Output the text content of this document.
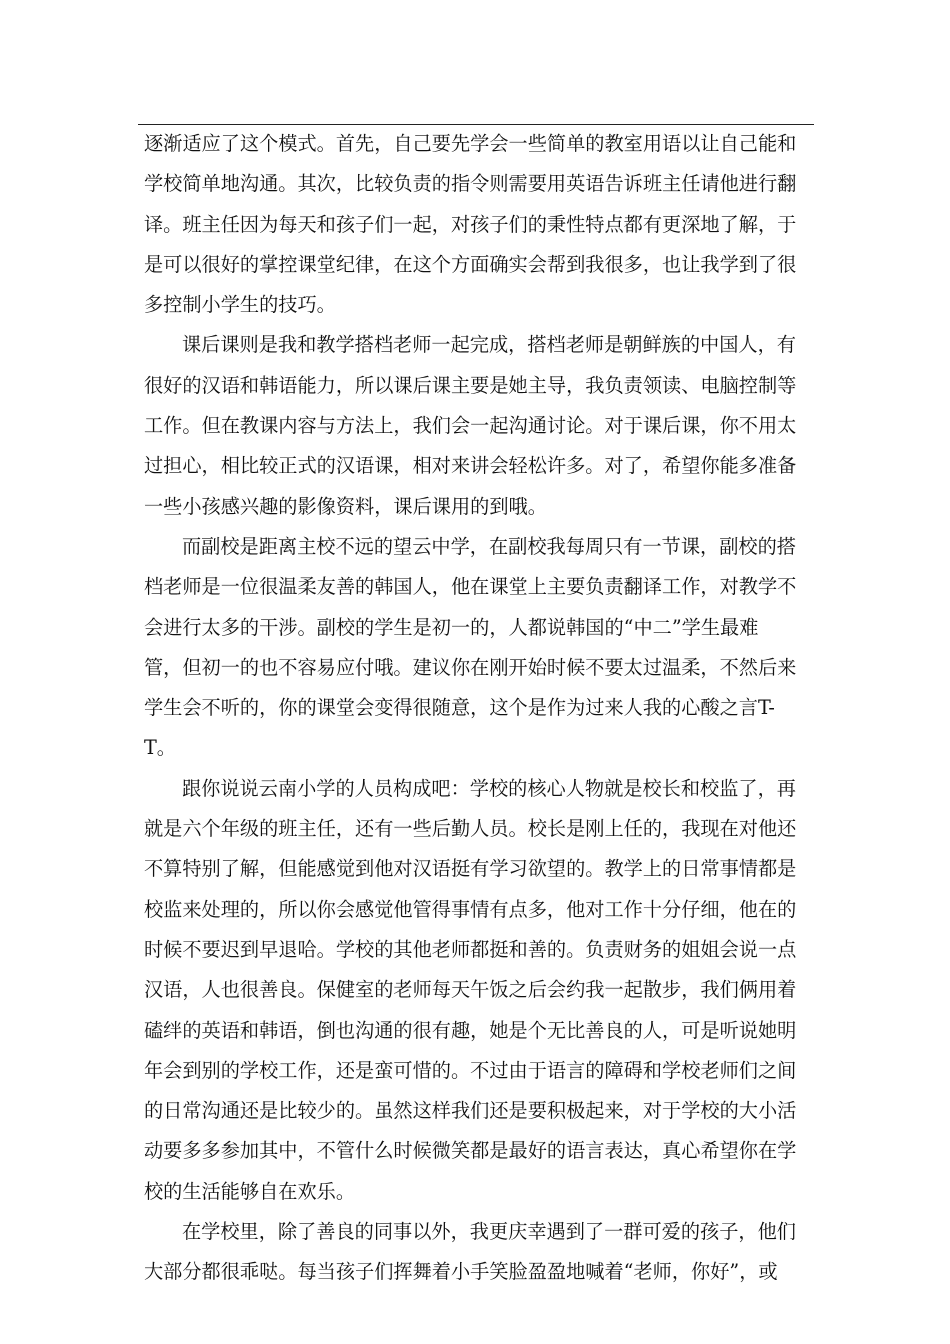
逐渐适应了这个模式。首先，自己要先学会一些简单的教室用语以让自己能和
学校简单地沟通。其次，比较负责的指令则需要用英语告诉班主任请他进行翻
译。班主任因为每天和孩子们一起，对孩子们的秉性特点都有更深地了解，于
是可以很好的掌控课堂纪律，在这个方面确实会帮到我很多，也让我学到了很
多控制小学生的技巧。
课后课则是我和教学搭档老师一起完成，搭档老师是朝鲜族的中国人，有
很好的汉语和韩语能力，所以课后课主要是她主导，我负责领读、电脑控制等
工作。但在教课内容与方法上，我们会一起沟通讨论。对于课后课，你不用太
过担心，相比较正式的汉语课，相对来讲会轻松许多。对了，希望你能多准备
一些小孩感兴趣的影像资料，课后课用的到哦。
而副校是距离主校不远的望云中学，在副校我每周只有一节课，副校的搭
档老师是一位很温柔友善的韩国人，他在课堂上主要负责翻译工作，对教学不
会进行太多的干涉。副校的学生是初一的，人都说韩国的“中二”学生最难
管，但初一的也不容易应付哦。建议你在刚开始时候不要太过温柔，不然后来
学生会不听的，你的课堂会变得很随意，这个是作为过来人我的心酸之言T-
T。
跟你说说云南小学的人员构成吧：学校的核心人物就是校长和校监了，再
就是六个年级的班主任，还有一些后勤人员。校长是刚上任的，我现在对他还
不算特别了解，但能感觉到他对汉语挺有学习欲望的。教学上的日常事情都是
校监来处理的，所以你会感觉他管得事情有点多，他对工作十分仔细，他在的
时候不要迟到早退哈。学校的其他老师都挺和善的。负责财务的姐姐会说一点
汉语，人也很善良。保健室的老师每天午饭之后会约我一起散步，我们俩用着
磕绊的英语和韩语，倒也沟通的很有趣，她是个无比善良的人，可是听说她明
年会到别的学校工作，还是蛮可惜的。不过由于语言的障碍和学校老师们之间
的日常沟通还是比较少的。虽然这样我们还是要积极起来，对于学校的大小活
动要多多参加其中，不管什么时候微笑都是最好的语言表达，真心希望你在学
校的生活能够自在欢乐。
在学校里，除了善良的同事以外，我更庆幸遇到了一群可爱的孩子，他们
大部分都很乖哒。每当孩子们挥舞着小手笑脸盈盈地喊着“老师，你好”，或
